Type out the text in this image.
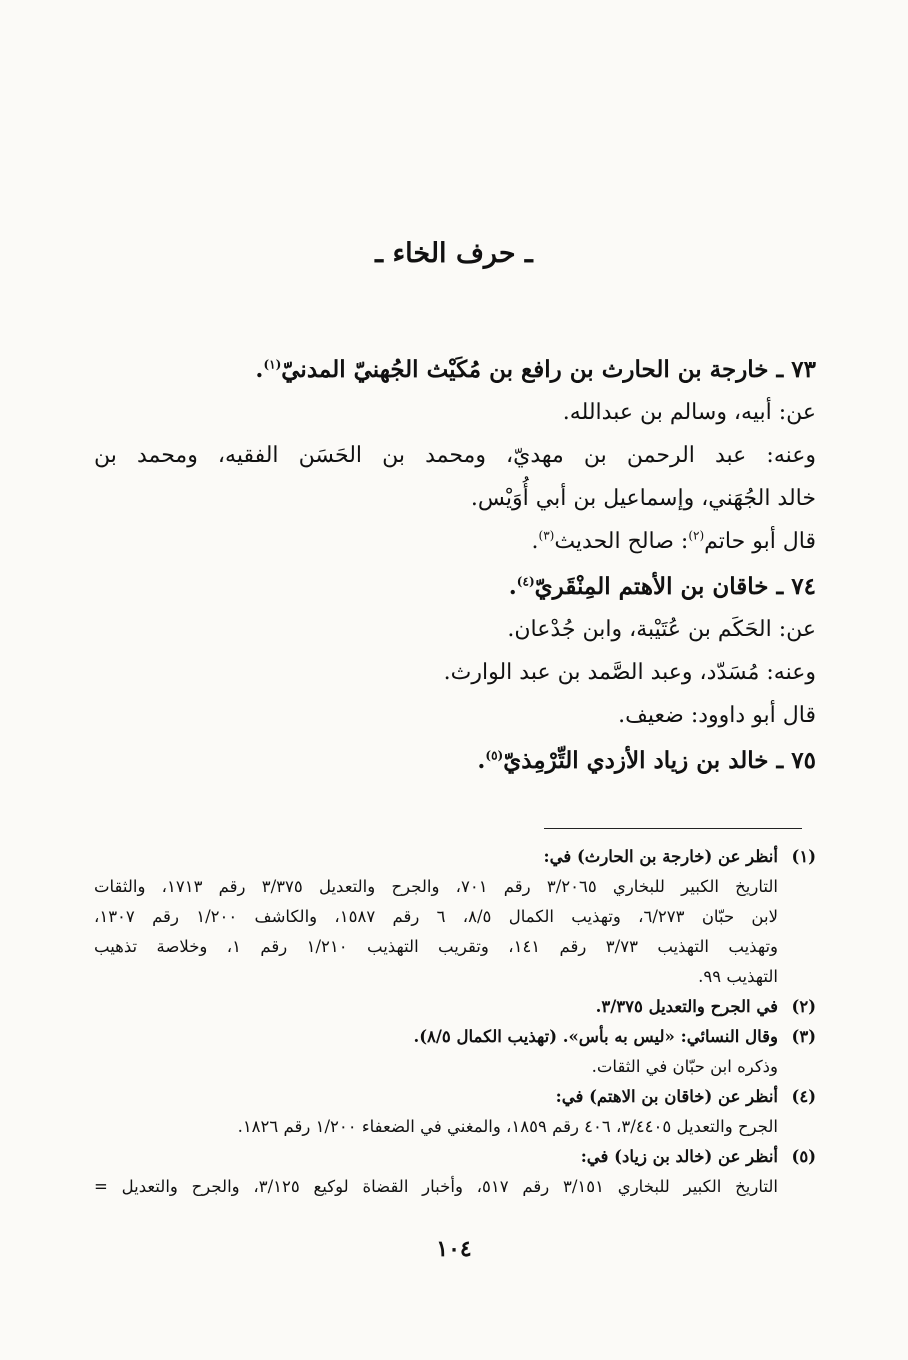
ـ حرف الخاء ـ

٧٣ ـ خارجة بن الحارث بن رافع بن مُكَيْث الجُهنيّ المدنيّ$^{(١)}$.

عن: أبيه، وسالم بن عبدالله.

وعنه: عبد الرحمن بن مهديّ، ومحمد بن الحَسَن الفقيه، ومحمد بن

خالد الجُهَني، وإسماعيل بن أبي أُوَيْس.

قال أبو حاتم$^{(٢)}$: صالح الحديث$^{(٣)}$.

٧٤ ـ خاقان بن الأهتم المِنْقَريّ$^{(٤)}$.

عن: الحَكَم بن عُتَيْبة، وابن جُدْعان.

وعنه: مُسَدّد، وعبد الصَّمد بن عبد الوارث.

قال أبو داوود: ضعيف.

٧٥ ـ خالد بن زياد الأزدي التِّرْمِذيّ$^{(٥)}$.

(١)

أنظر عن (خارجة بن الحارث) في:

التاريخ الكبير للبخاري ٣/٢٠٦٥ رقم ٧٠١، والجرح والتعديل ٣/٣٧٥ رقم ١٧١٣، والثقات

لابن حبّان ٦/٢٧٣، وتهذيب الكمال ٨/٥، ٦ رقم ١٥٨٧، والكاشف ١/٢٠٠ رقم ١٣٠٧،

وتهذيب التهذيب ٣/٧٣ رقم ١٤١، وتقريب التهذيب ١/٢١٠ رقم ١، وخلاصة تذهيب

التهذيب ٩٩.

(٢)

في الجرح والتعديل ٣/٣٧٥.

(٣)

وقال النسائي: «ليس به بأس». (تهذيب الكمال ٨/٥).

وذكره ابن حبّان في الثقات.

(٤)

أنظر عن (خاقان بن الاهتم) في:

الجرح والتعديل ٣/٤٤٠٥، ٤٠٦ رقم ١٨٥٩، والمغني في الضعفاء ١/٢٠٠ رقم ١٨٢٦.

(٥)

أنظر عن (خالد بن زياد) في:

التاريخ الكبير للبخاري ٣/١٥١ رقم ٥١٧، وأخبار القضاة لوكيع ٣/١٢٥، والجرح والتعديل =

١٠٤
